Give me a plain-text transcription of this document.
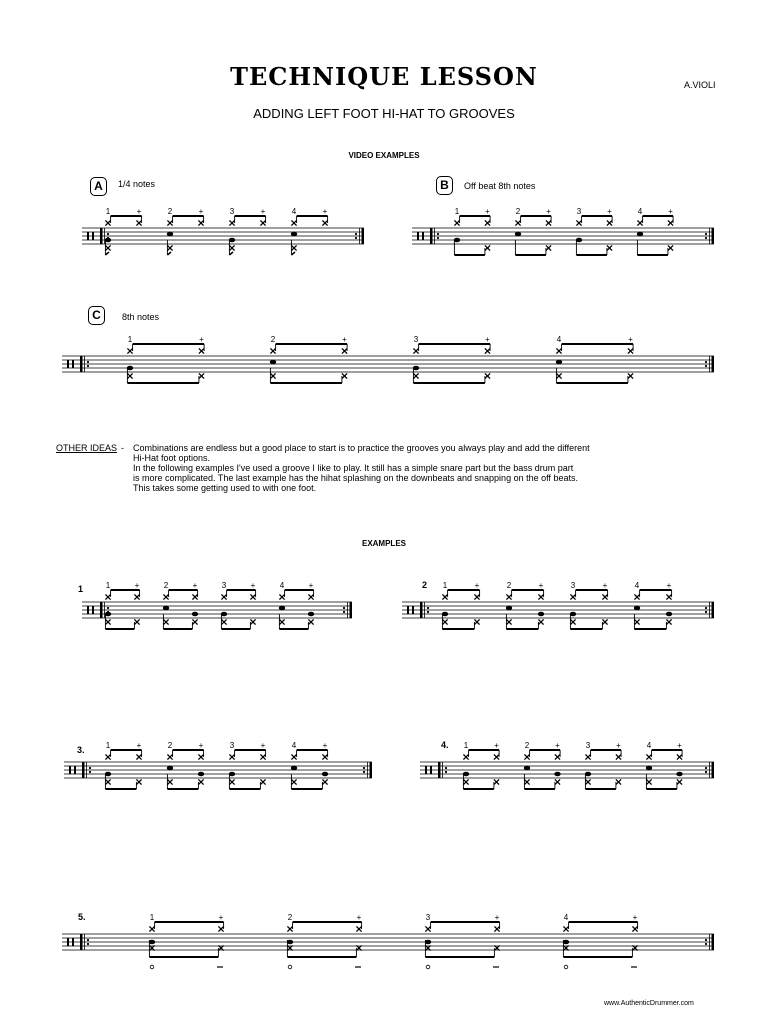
TECHNIQUE LESSON	A.VIOLI
ADDING LEFT FOOT HI-HAT TO GROOVES
VIDEO EXAMPLES
A	1/4 notes	B	Off beat 8th notes
C	8th notes
OTHER IDEAS - Combinations are endless but a good place to start is to practice the grooves you always play and add the different
Hi-Hat foot options.
In the following examples I've used a groove I like to play. It still has a simple snare part but the bass drum part
is more complicated. The last example has the hihat splashing on the downbeats and snapping on the off beats.
This takes some getting used to with one foot.
EXAMPLES
1	2
3.	4.
5.
1	+	2	+	3	+	4	+	1	+	2	+	3	+	4	+
1	+	2	+	3	+	4	+
1	+	2	+	3	+	4	+	1	+	2	+	3	+	4	+
1	+	2	+	3	+	4	+	1	+	2	+	3	+	4	+
1	+	2	+	3	+	4	+
www.AuthenticDrummer.com
